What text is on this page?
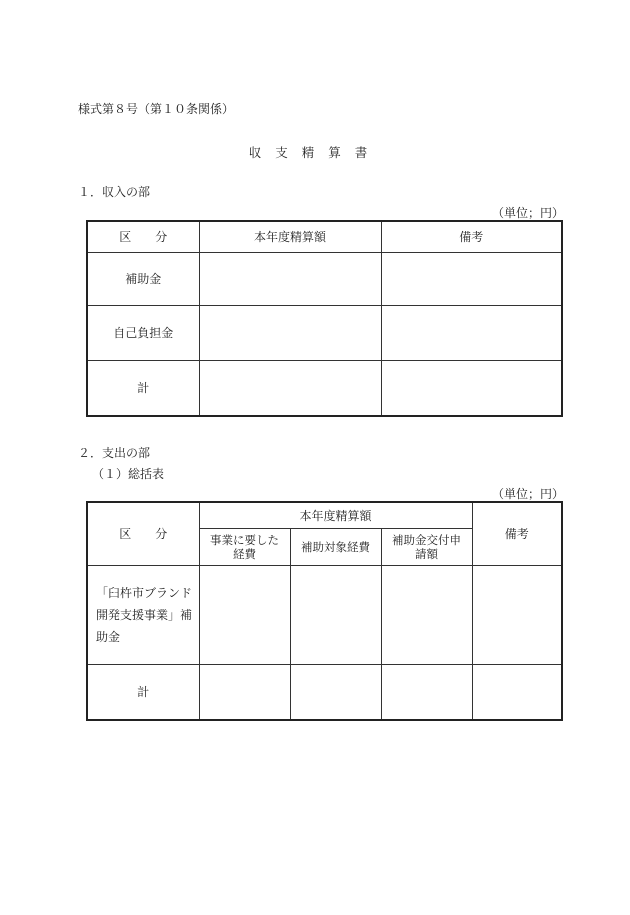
様式第８号（第１０条関係）
収支精算書
１．収入の部
（単位；円）
区　　分	本年度精算額	備考
補助金		
自己負担金		
計		
２．支出の部
（１）総括表
（単位；円）
区　　分	本年度精算額			備考
	事業に要した経費	補助対象経費	補助金交付申請額	
「臼杵市ブランド開発支援事業」補助金				
計				
